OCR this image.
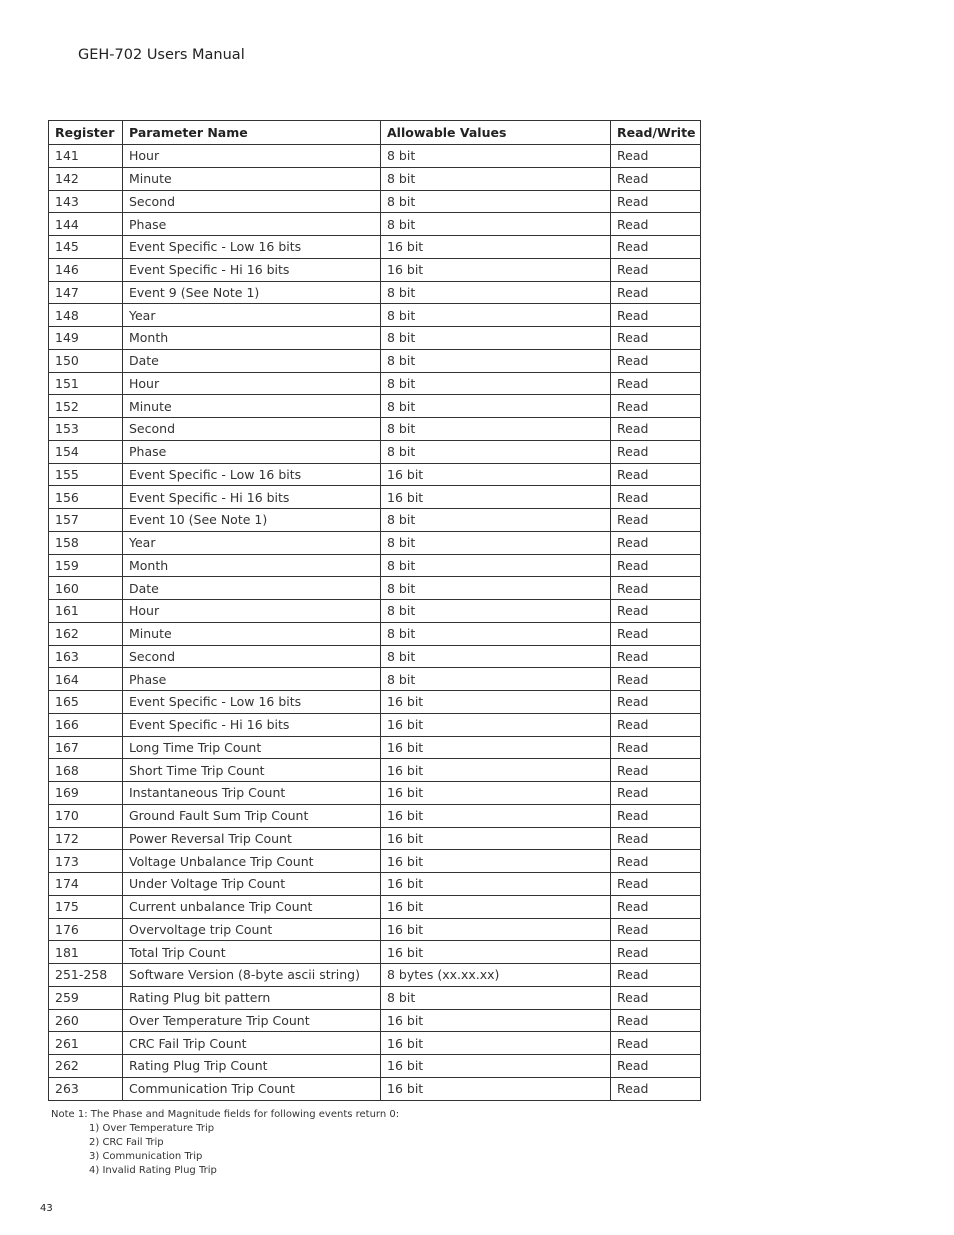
GEH-702 Users Manual
Register	Parameter Name	Allowable Values	Read/Write
141	Hour	8 bit	Read
142	Minute	8 bit	Read
143	Second	8 bit	Read
144	Phase	8 bit	Read
145	Event Specific - Low 16 bits	16 bit	Read
146	Event Specific - Hi 16 bits	16 bit	Read
147	Event 9 (See Note 1)	8 bit	Read
148	Year	8 bit	Read
149	Month	8 bit	Read
150	Date	8 bit	Read
151	Hour	8 bit	Read
152	Minute	8 bit	Read
153	Second	8 bit	Read
154	Phase	8 bit	Read
155	Event Specific - Low 16 bits	16 bit	Read
156	Event Specific - Hi 16 bits	16 bit	Read
157	Event 10 (See Note 1)	8 bit	Read
158	Year	8 bit	Read
159	Month	8 bit	Read
160	Date	8 bit	Read
161	Hour	8 bit	Read
162	Minute	8 bit	Read
163	Second	8 bit	Read
164	Phase	8 bit	Read
165	Event Specific - Low 16 bits	16 bit	Read
166	Event Specific - Hi 16 bits	16 bit	Read
167	Long Time Trip Count	16 bit	Read
168	Short Time Trip Count	16 bit	Read
169	Instantaneous Trip Count	16 bit	Read
170	Ground Fault Sum Trip Count	16 bit	Read
172	Power Reversal Trip Count	16 bit	Read
173	Voltage Unbalance Trip Count	16 bit	Read
174	Under Voltage Trip Count	16 bit	Read
175	Current unbalance Trip Count	16 bit	Read
176	Overvoltage trip Count	16 bit	Read
181	Total Trip Count	16 bit	Read
251-258	Software Version (8-byte ascii string)	8 bytes (xx.xx.xx)	Read
259	Rating Plug bit pattern	8 bit	Read
260	Over Temperature Trip Count	16 bit	Read
261	CRC Fail Trip Count	16 bit	Read
262	Rating Plug Trip Count	16 bit	Read
263	Communication Trip Count	16 bit	Read
Note 1: The Phase and Magnitude fields for following events return 0:
1) Over Temperature Trip
2) CRC Fail Trip
3) Communication Trip
4) Invalid Rating Plug Trip
43
